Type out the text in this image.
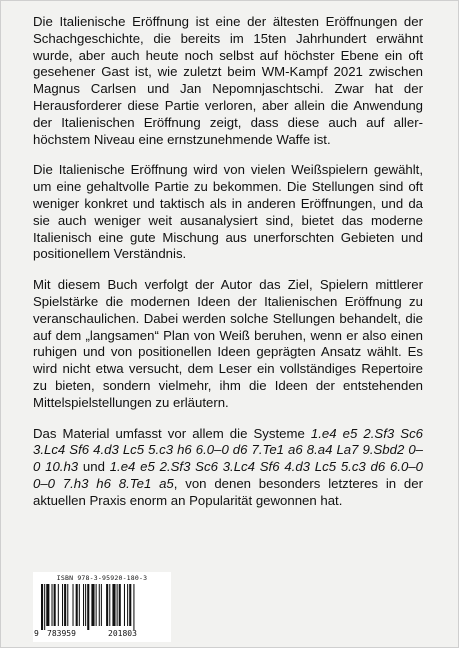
Die Italienische Eröffnung ist eine der ältesten Eröffnungen der Schachgeschichte, die bereits im 15ten Jahrhundert erwähnt wurde, aber auch heute noch selbst auf höchster Ebene ein oft gesehener Gast ist, wie zuletzt beim WM-Kampf 2021 zwischen Magnus Carlsen und Jan Nepomnjaschtschi. Zwar hat der Herausforderer diese Partie verloren, aber allein die Anwendung der Italienischen Eröffnung zeigt, dass diese auch auf allerhöchstem Niveau eine ernstzunehmende Waffe ist.

Die Italienische Eröffnung wird von vielen Weißspielern gewählt, um eine gehaltvolle Partie zu bekommen. Die Stellungen sind oft weniger konkret und taktisch als in anderen Eröffnungen, und da sie auch weniger weit ausanalysiert sind, bietet das moderne Italienisch eine gute Mischung aus unerforschten Gebieten und positionellem Verständnis.

Mit diesem Buch verfolgt der Autor das Ziel, Spielern mittlerer Spielstärke die modernen Ideen der Italienischen Eröffnung zu veranschaulichen. Dabei werden solche Stellungen behandelt, die auf dem „langsamen“ Plan von Weiß beruhen, wenn er also einen ruhigen und von positionellen Ideen geprägten Ansatz wählt. Es wird nicht etwa versucht, dem Leser ein vollständiges Repertoire zu bieten, sondern vielmehr, ihm die Ideen der entstehenden Mittelspielstellungen zu erläutern.

Das Material umfasst vor allem die Systeme 1.e4 e5 2.Sf3 Sc6 3.Lc4 Sf6 4.d3 Lc5 5.c3 h6 6.0–0 d6 7.Te1 a6 8.a4 La7 9.Sbd2 0–0 10.h3 und 1.e4 e5 2.Sf3 Sc6 3.Lc4 Sf6 4.d3 Lc5 5.c3 d6 6.0–0 0–0 7.h3 h6 8.Te1 a5, von denen besonders letzteres in der aktuellen Praxis enorm an Popularität gewonnen hat.

ISBN 978-3-95920-180-3
9 783959	201803
